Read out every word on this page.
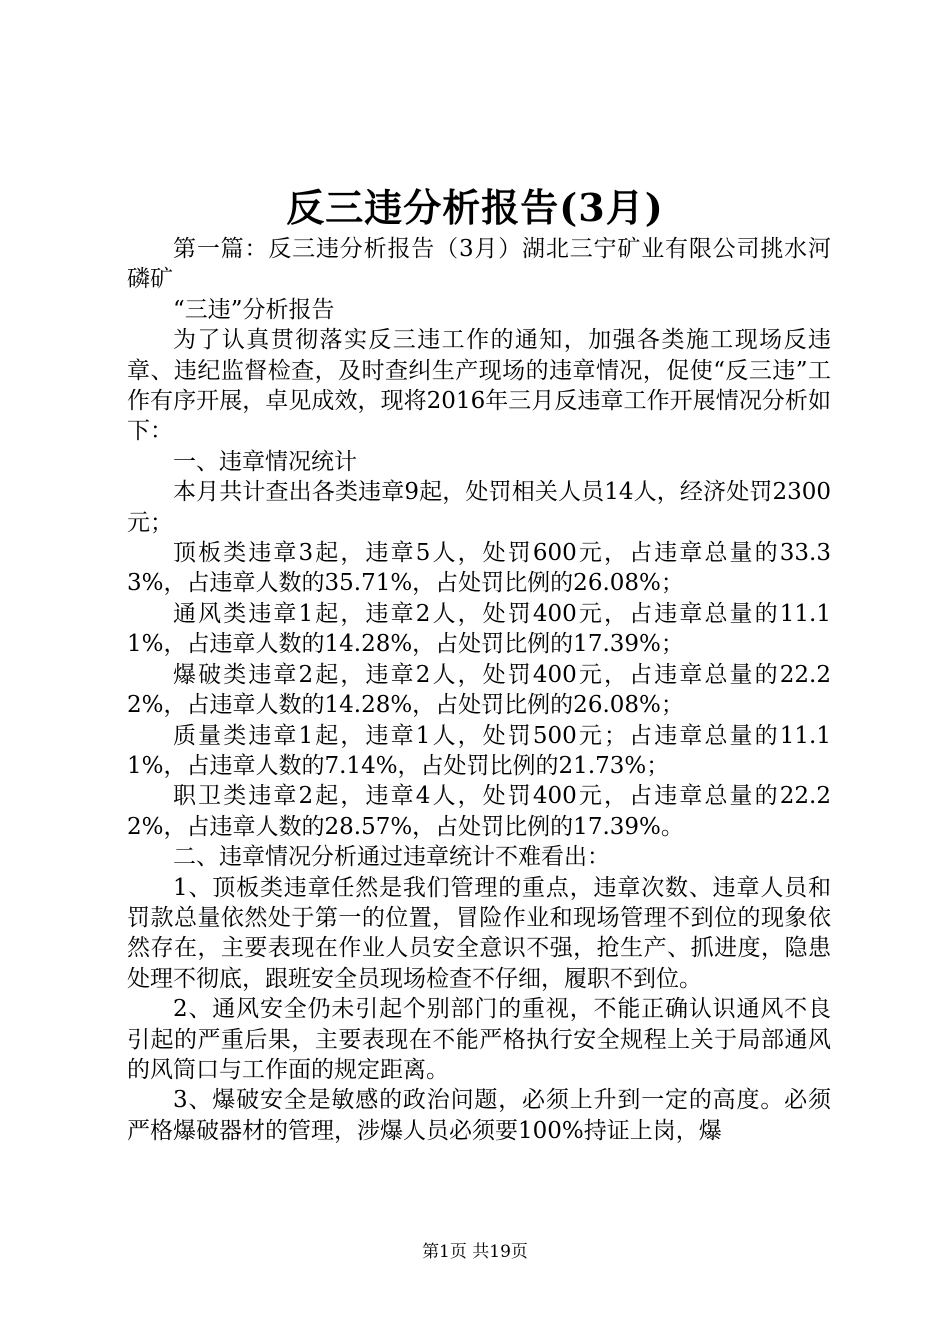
反三违分析报告(3月)

第一篇：反三违分析报告（3月）湖北三宁矿业有限公司挑水河磷矿

“三违”分析报告

为了认真贯彻落实反三违工作的通知，加强各类施工现场反违章、违纪监督检查，及时查纠生产现场的违章情况，促使“反三违”工作有序开展，卓见成效，现将2016年三月反违章工作开展情况分析如下：

一、违章情况统计

本月共计查出各类违章9起，处罚相关人员14人，经济处罚2300元；

顶板类违章3起，违章5人，处罚600元，占违章总量的33.33%，占违章人数的35.71%，占处罚比例的26.08%；

通风类违章1起，违章2人，处罚400元，占违章总量的11.11%，占违章人数的14.28%，占处罚比例的17.39%；

爆破类违章2起，违章2人，处罚400元，占违章总量的22.22%，占违章人数的14.28%，占处罚比例的26.08%；

质量类违章1起，违章1人，处罚500元；占违章总量的11.11%，占违章人数的7.14%，占处罚比例的21.73%；

职卫类违章2起，违章4人，处罚400元，占违章总量的22.22%，占违章人数的28.57%，占处罚比例的17.39%。

二、违章情况分析通过违章统计不难看出：

1、顶板类违章任然是我们管理的重点，违章次数、违章人员和罚款总量依然处于第一的位置，冒险作业和现场管理不到位的现象依然存在，主要表现在作业人员安全意识不强，抢生产、抓进度，隐患处理不彻底，跟班安全员现场检查不仔细，履职不到位。

2、通风安全仍未引起个别部门的重视，不能正确认识通风不良引起的严重后果，主要表现在不能严格执行安全规程上关于局部通风的风筒口与工作面的规定距离。

3、爆破安全是敏感的政治问题，必须上升到一定的高度。必须严格爆破器材的管理，涉爆人员必须要100%持证上岗，爆

第1页 共19页
